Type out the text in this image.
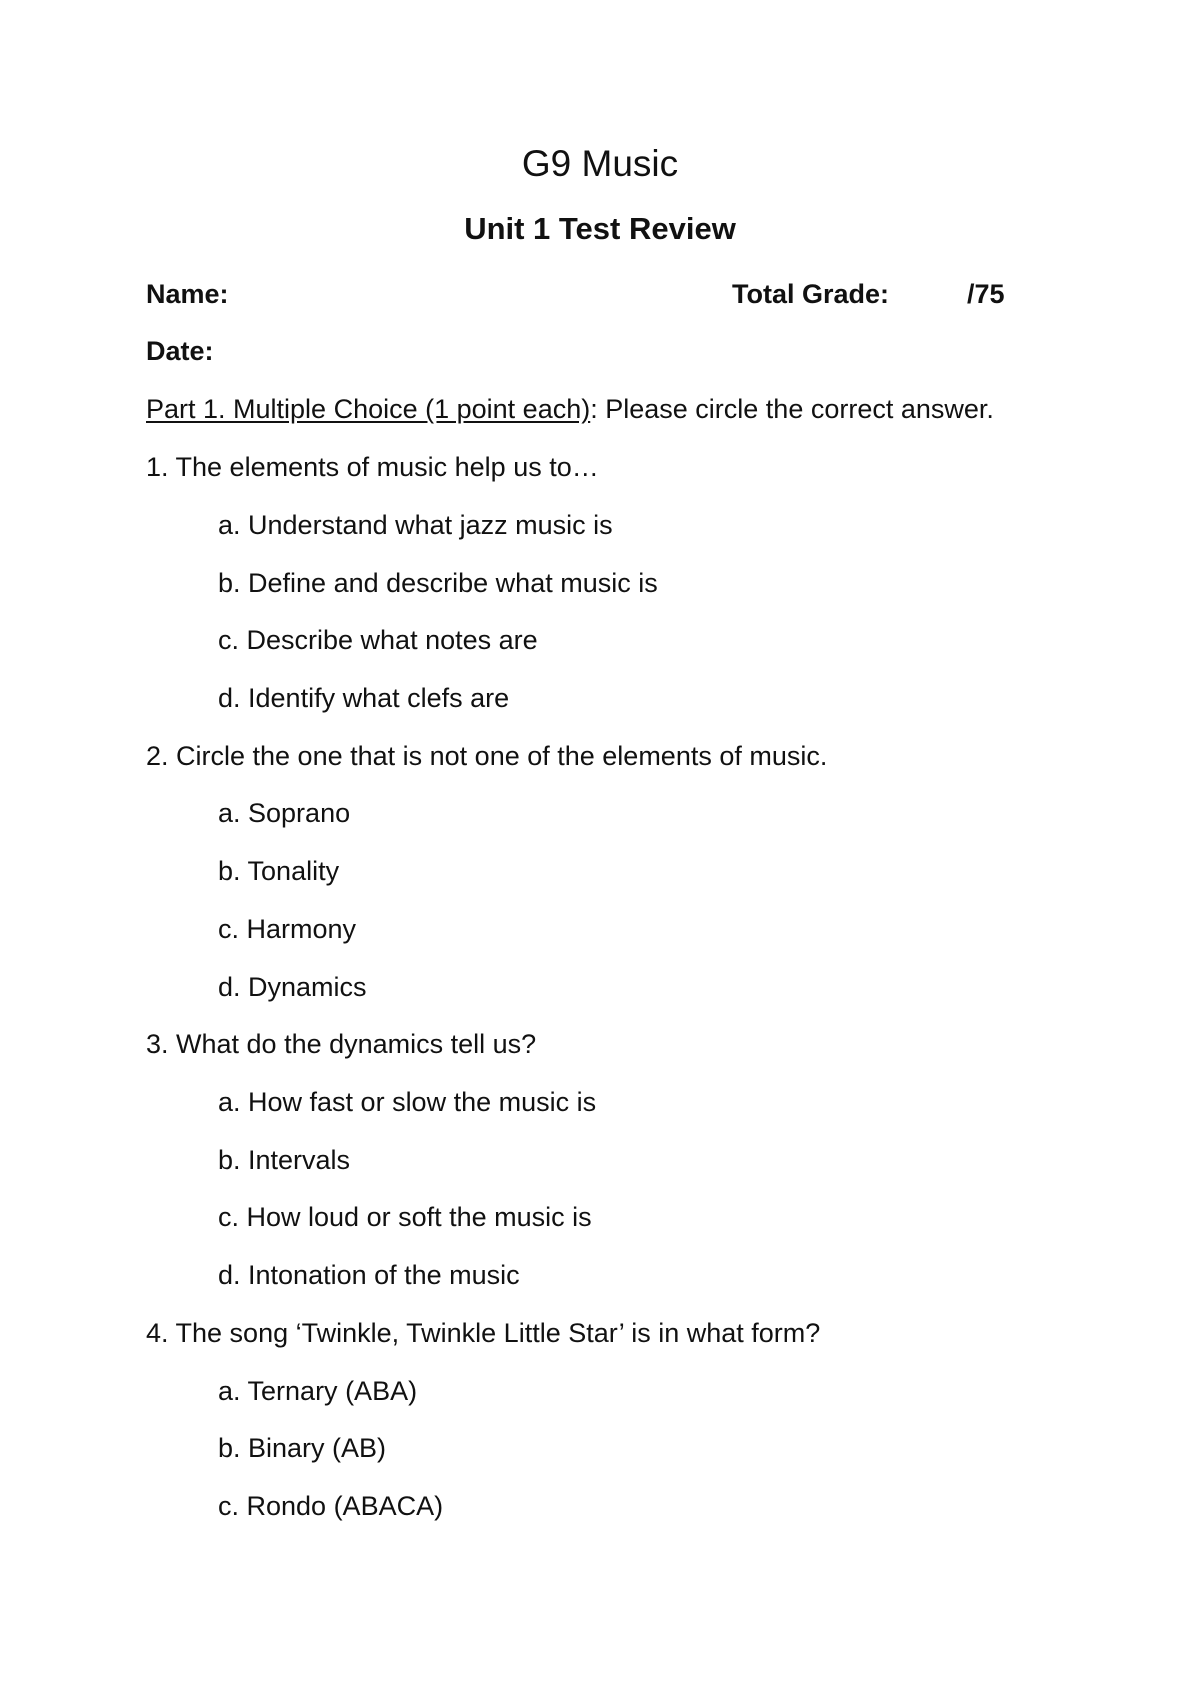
G9 Music
Unit 1 Test Review
Name:	Total Grade:	/75
Date:
Part 1. Multiple Choice (1 point each): Please circle the correct answer.
1. The elements of music help us to…
a. Understand what jazz music is
b. Define and describe what music is
c. Describe what notes are
d. Identify what clefs are
2. Circle the one that is not one of the elements of music.
a. Soprano
b. Tonality
c. Harmony
d. Dynamics
3. What do the dynamics tell us?
a. How fast or slow the music is
b. Intervals
c. How loud or soft the music is
d. Intonation of the music
4. The song ‘Twinkle, Twinkle Little Star’ is in what form?
a. Ternary (ABA)
b. Binary (AB)
c. Rondo (ABACA)
